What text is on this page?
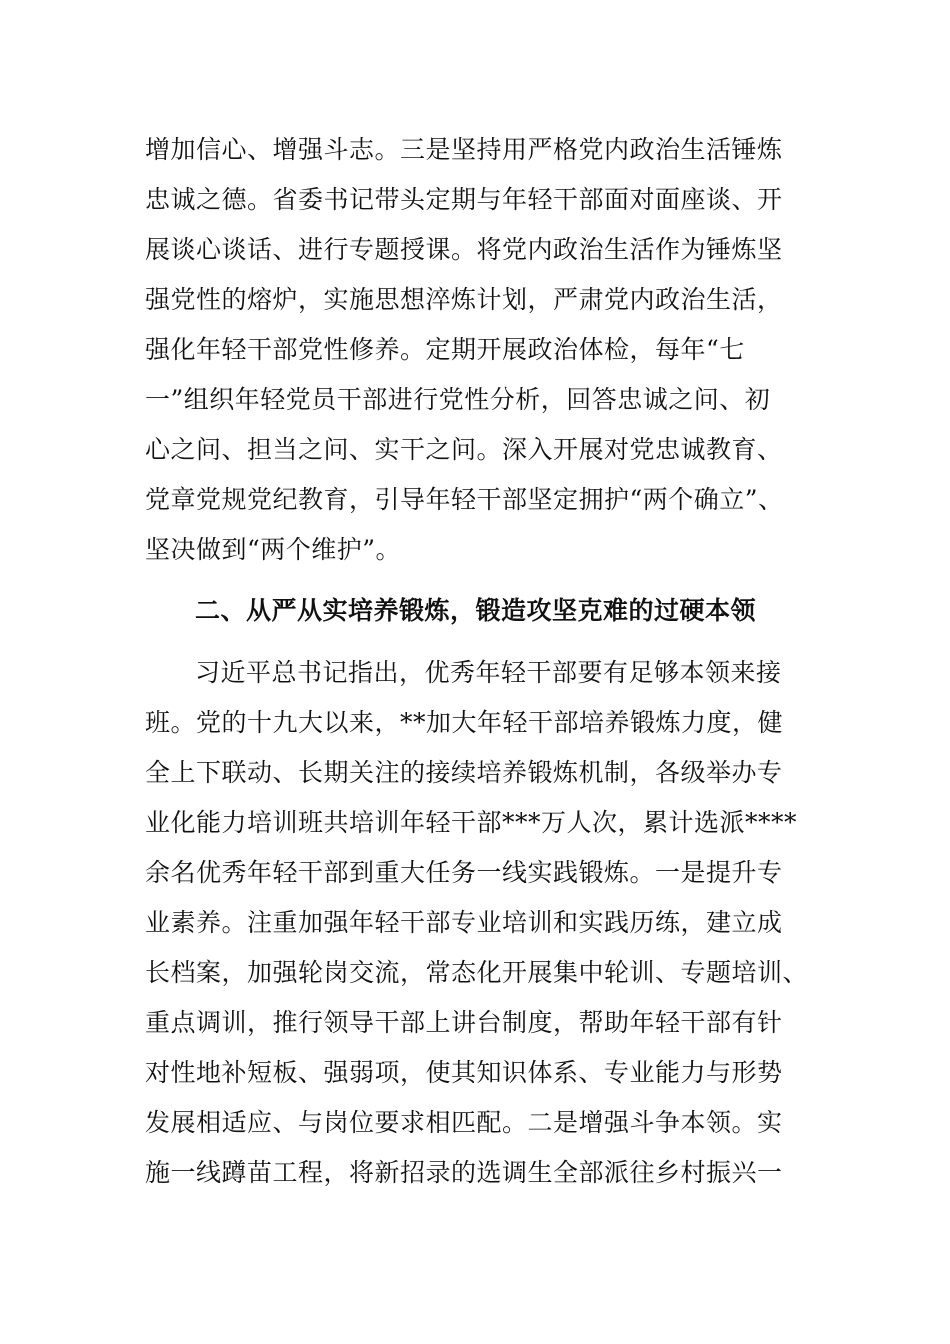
增加信心、增强斗志。三是坚持用严格党内政治生活锤炼
忠诚之德。省委书记带头定期与年轻干部面对面座谈、开
展谈心谈话、进行专题授课。将党内政治生活作为锤炼坚
强党性的熔炉，实施思想淬炼计划，严肃党内政治生活，
强化年轻干部党性修养。定期开展政治体检，每年“七
一”组织年轻党员干部进行党性分析，回答忠诚之问、初
心之问、担当之问、实干之问。深入开展对党忠诚教育、
党章党规党纪教育，引导年轻干部坚定拥护“两个确立”、
坚决做到“两个维护”。
二、从严从实培养锻炼，锻造攻坚克难的过硬本领
习近平总书记指出，优秀年轻干部要有足够本领来接
班。党的十九大以来，**加大年轻干部培养锻炼力度，健
全上下联动、长期关注的接续培养锻炼机制，各级举办专
业化能力培训班共培训年轻干部***万人次，累计选派****
余名优秀年轻干部到重大任务一线实践锻炼。一是提升专
业素养。注重加强年轻干部专业培训和实践历练，建立成
长档案，加强轮岗交流，常态化开展集中轮训、专题培训、
重点调训，推行领导干部上讲台制度，帮助年轻干部有针
对性地补短板、强弱项，使其知识体系、专业能力与形势
发展相适应、与岗位要求相匹配。二是增强斗争本领。实
施一线蹲苗工程，将新招录的选调生全部派往乡村振兴一
